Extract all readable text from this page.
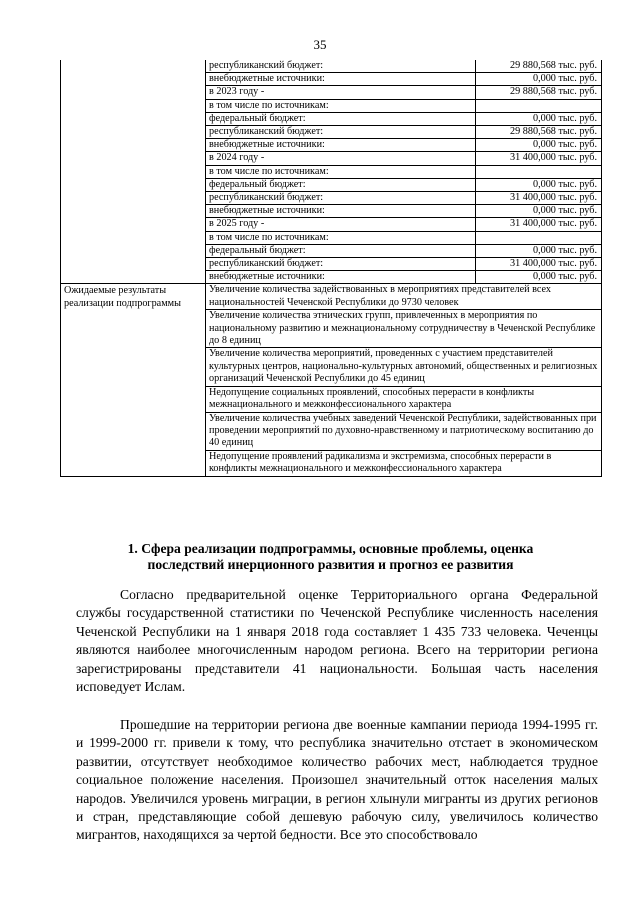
35
	республиканский бюджет:	29 880,568 тыс. руб.
	внебюджетные источники:	0,000 тыс. руб.
	в 2023 году -	29 880,568 тыс. руб.
	в том числе по источникам:	
	федеральный бюджет:	0,000 тыс. руб.
	республиканский бюджет:	29 880,568 тыс. руб.
	внебюджетные источники:	0,000 тыс. руб.
	в 2024 году -	31 400,000 тыс. руб.
	в том числе по источникам:	
	федеральный бюджет:	0,000 тыс. руб.
	республиканский бюджет:	31 400,000 тыс. руб.
	внебюджетные источники:	0,000 тыс. руб.
	в 2025 году -	31 400,000 тыс. руб.
	в том числе по источникам:	
	федеральный бюджет:	0,000 тыс. руб.
	республиканский бюджет:	31 400,000 тыс. руб.
	внебюджетные источники:	0,000 тыс. руб.
Ожидаемые результаты реализации подпрограммы	Увеличение количества задействованных в мероприятиях представителей всех национальностей Чеченской Республики до 9730 человек	
	Увеличение количества этнических групп, привлеченных в мероприятия по национальному развитию и межнациональному сотрудничеству в Чеченской Республике до 8 единиц	
	Увеличение количества мероприятий, проведенных с участием представителей культурных центров, национально-культурных автономий, общественных и религиозных организаций Чеченской Республики до 45 единиц	
	Недопущение социальных проявлений, способных перерасти в конфликты межнационального и межконфессионального характера	
	Увеличение количества учебных заведений Чеченской Республики, задействованных при проведении мероприятий по духовно-нравственному и патриотическому воспитанию до 40 единиц	
	Недопущение проявлений радикализма и экстремизма, способных перерасти в конфликты межнационального и межконфессионального характера	
1. Сфера реализации подпрограммы, основные проблемы, оценка
последствий инерционного развития и прогноз ее развития

Согласно предварительной оценке Территориального органа Федеральной службы государственной статистики по Чеченской Республике численность населения Чеченской Республики на 1 января 2018 года составляет 1 435 733 человека. Чеченцы являются наиболее многочисленным народом региона. Всего на территории региона зарегистрированы представители 41 национальности. Большая часть населения исповедует Ислам.

Прошедшие на территории региона две военные кампании периода 1994-1995 гг. и 1999-2000 гг. привели к тому, что республика значительно отстает в экономическом развитии, отсутствует необходимое количество рабочих мест, наблюдается трудное социальное положение населения. Произошел значительный отток населения малых народов. Увеличился уровень миграции, в регион хлынули мигранты из других регионов и стран, представляющие собой дешевую рабочую силу, увеличилось количество мигрантов, находящихся за чертой бедности. Все это способствовало
